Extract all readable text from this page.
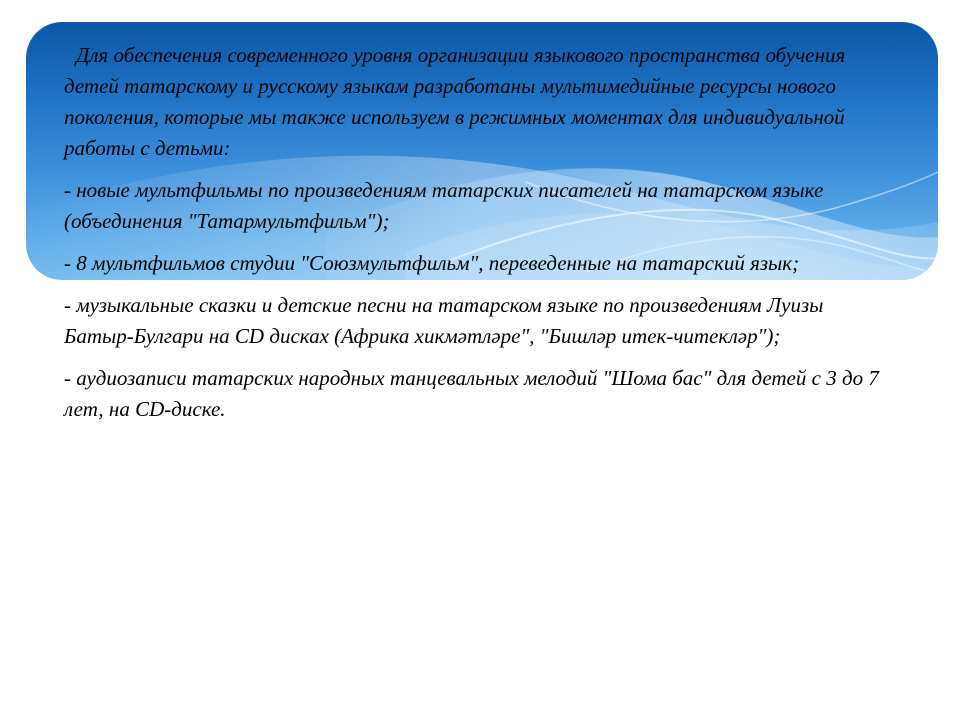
Для обеспечения современного уровня организации языкового пространства обучения детей татарскому и русскому языкам разработаны мультимедийные ресурсы нового поколения, которые мы также используем в режимных моментах для индивидуальной работы с детьми:

- новые мультфильмы по произведениям татарских писателей на татарском языке (объединения "Татармультфильм");

- 8 мультфильмов студии "Союзмультфильм", переведенные на татарский язык;

- музыкальные сказки и детские песни на татарском языке по произведениям Луизы Батыр-Булгари на CD дисках (Африка хикмәтләре", "Бишләр итек-читекләр");

- аудиозаписи татарских народных танцевальных мелодий "Шома бас" для детей с 3 до 7 лет, на CD-диске.
